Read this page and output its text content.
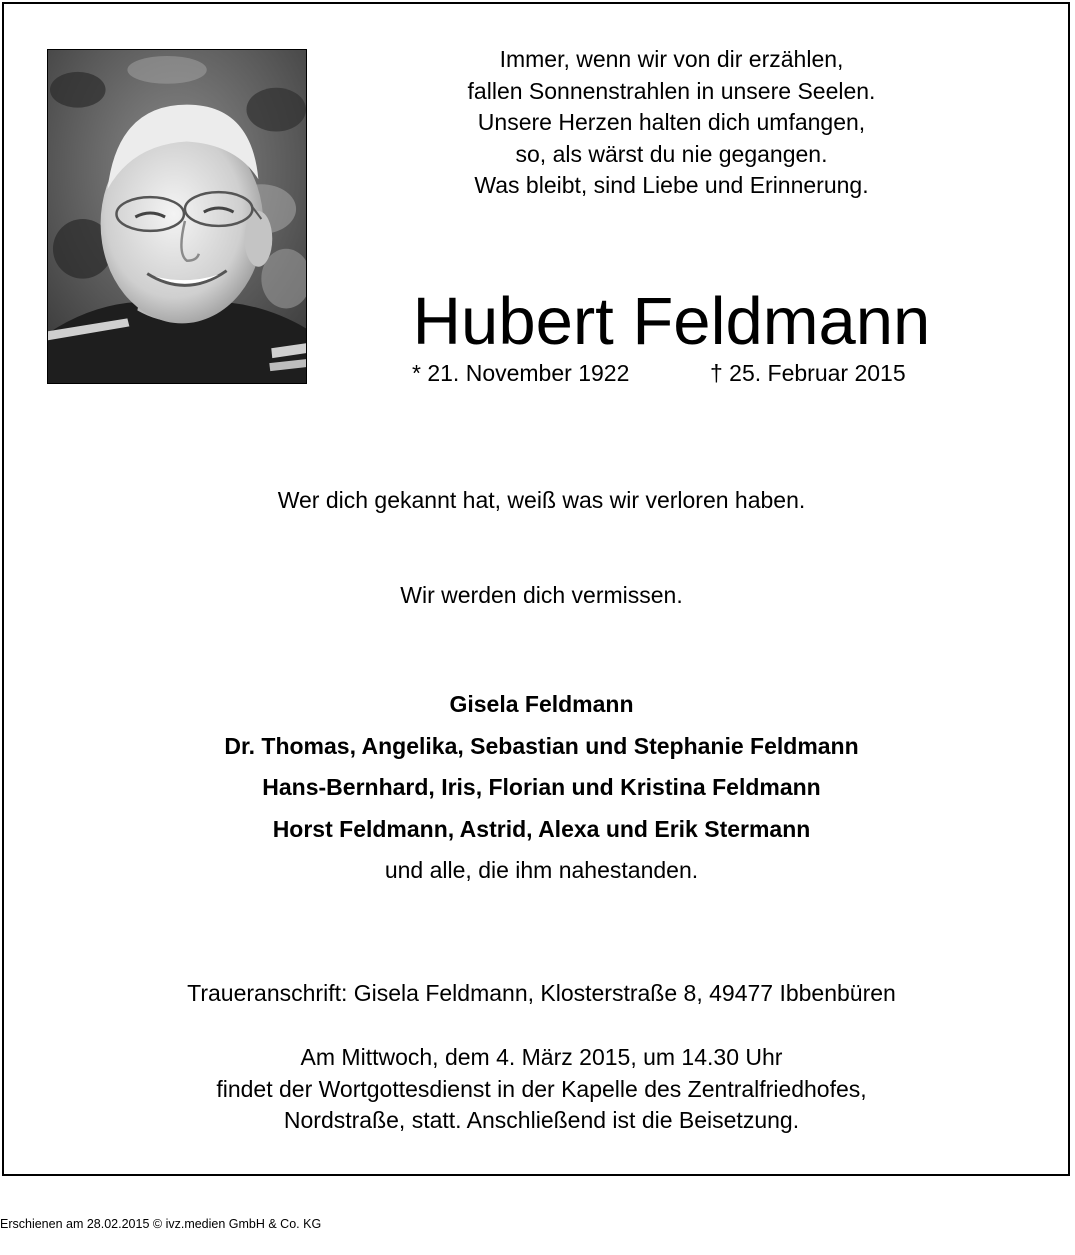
Immer, wenn wir von dir erzählen,
fallen Sonnenstrahlen in unsere Seelen.
Unsere Herzen halten dich umfangen,
so, als wärst du nie gegangen.
Was bleibt, sind Liebe und Erinnerung.
Hubert Feldmann
* 21. November 1922	† 25. Februar 2015
Wer dich gekannt hat, weiß was wir verloren haben.
Wir werden dich vermissen.
Gisela Feldmann
Dr. Thomas, Angelika, Sebastian und Stephanie Feldmann
Hans-Bernhard, Iris, Florian und Kristina Feldmann
Horst Feldmann, Astrid, Alexa und Erik Stermann
und alle, die ihm nahestanden.
Traueranschrift: Gisela Feldmann, Klosterstraße 8, 49477 Ibbenbüren
Am Mittwoch, dem 4. März 2015, um 14.30 Uhr
findet der Wortgottesdienst in der Kapelle des Zentralfriedhofes,
Nordstraße, statt. Anschließend ist die Beisetzung.
Erschienen am 28.02.2015 © ivz.medien GmbH & Co. KG
